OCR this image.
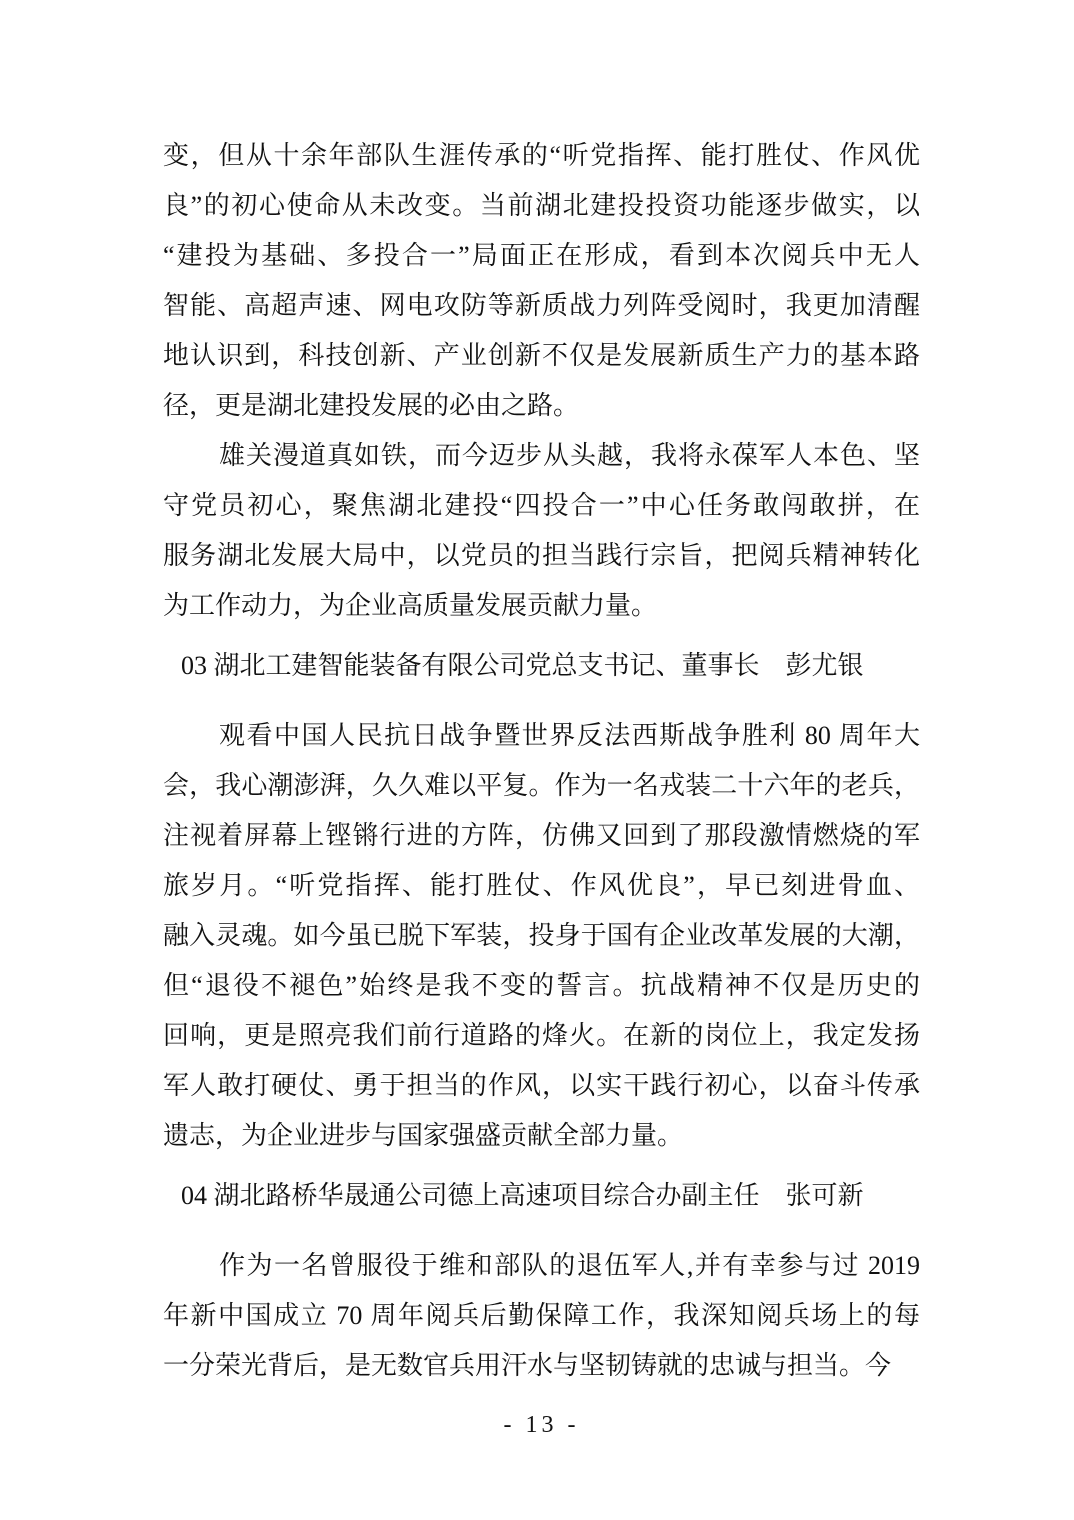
变，但从十余年部队生涯传承的“听党指挥、能打胜仗、作风优
良”的初心使命从未改变。当前湖北建投投资功能逐步做实，以
“建投为基础、多投合一”局面正在形成，看到本次阅兵中无人
智能、高超声速、网电攻防等新质战力列阵受阅时，我更加清醒
地认识到，科技创新、产业创新不仅是发展新质生产力的基本路
径，更是湖北建投发展的必由之路。
雄关漫道真如铁，而今迈步从头越，我将永葆军人本色、坚
守党员初心，聚焦湖北建投“四投合一”中心任务敢闯敢拼，在
服务湖北发展大局中，以党员的担当践行宗旨，把阅兵精神转化
为工作动力，为企业高质量发展贡献力量。
03 湖北工建智能装备有限公司党总支书记、董事长　彭尤银
观看中国人民抗日战争暨世界反法西斯战争胜利 80 周年大
会，我心潮澎湃，久久难以平复。作为一名戎装二十六年的老兵，
注视着屏幕上铿锵行进的方阵，仿佛又回到了那段激情燃烧的军
旅岁月。“听党指挥、能打胜仗、作风优良”，早已刻进骨血、
融入灵魂。如今虽已脱下军装，投身于国有企业改革发展的大潮，
但“退役不褪色”始终是我不变的誓言。抗战精神不仅是历史的
回响，更是照亮我们前行道路的烽火。在新的岗位上，我定发扬
军人敢打硬仗、勇于担当的作风，以实干践行初心，以奋斗传承
遗志，为企业进步与国家强盛贡献全部力量。
04 湖北路桥华晟通公司德上高速项目综合办副主任　张可新
作为一名曾服役于维和部队的退伍军人,并有幸参与过 2019
年新中国成立 70 周年阅兵后勤保障工作，我深知阅兵场上的每
一分荣光背后，是无数官兵用汗水与坚韧铸就的忠诚与担当。今
- 13 -
